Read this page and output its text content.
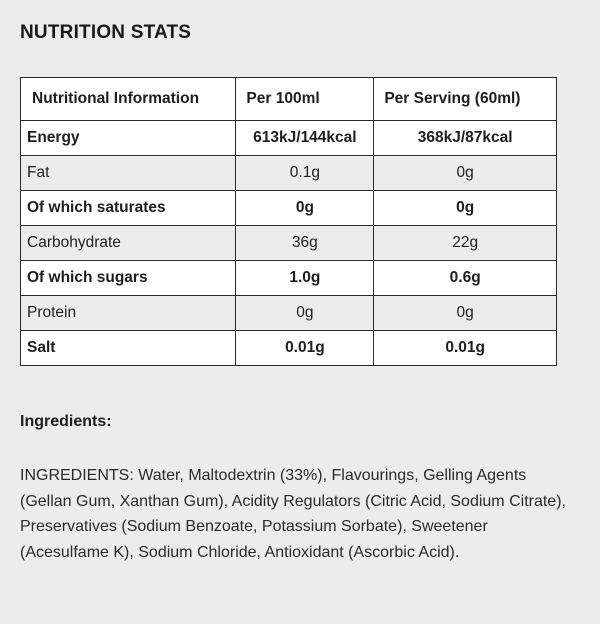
NUTRITION STATS
Nutritional Information	Per 100ml	Per Serving (60ml)
Energy	613kJ/144kcal	368kJ/87kcal
Fat	0.1g	0g
Of which saturates	0g	0g
Carbohydrate	36g	22g
Of which sugars	1.0g	0.6g
Protein	0g	0g
Salt	0.01g	0.01g
Ingredients:
INGREDIENTS: Water, Maltodextrin (33%), Flavourings, Gelling Agents (Gellan Gum, Xanthan Gum), Acidity Regulators (Citric Acid, Sodium Citrate), Preservatives (Sodium Benzoate, Potassium Sorbate), Sweetener (Acesulfame K), Sodium Chloride, Antioxidant (Ascorbic Acid).
